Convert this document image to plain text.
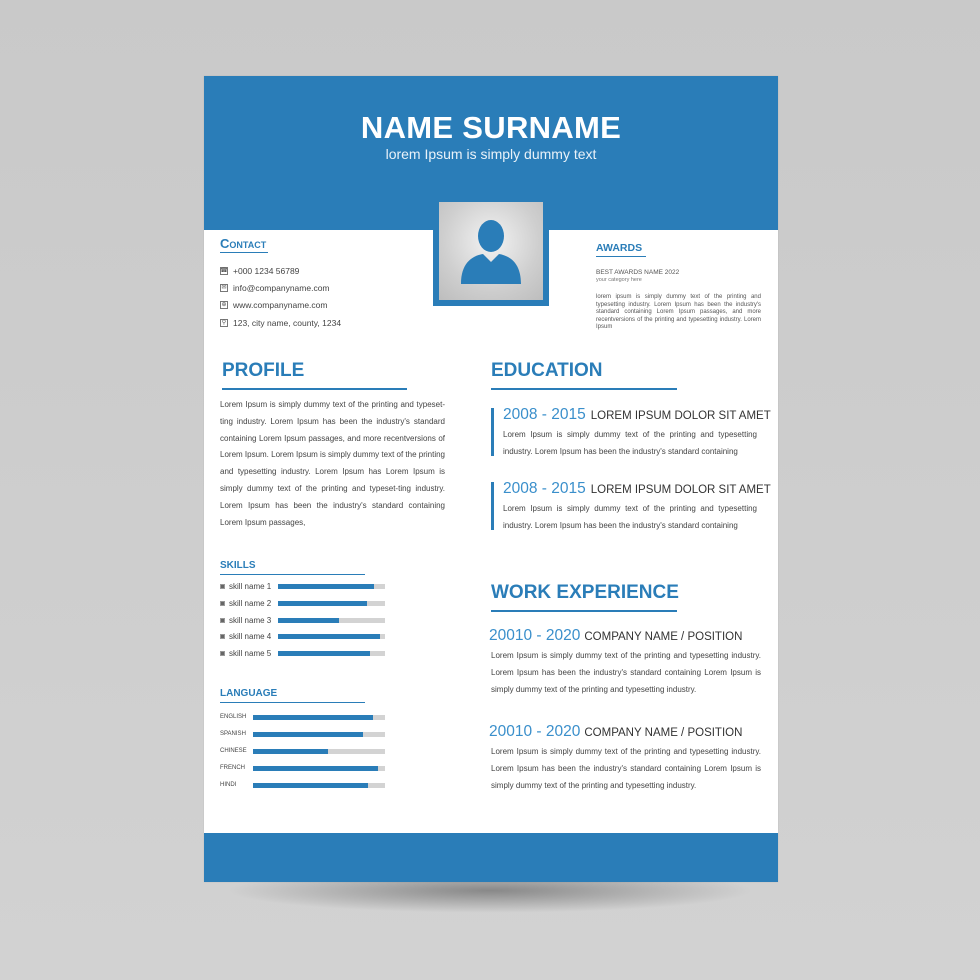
NAME SURNAME
lorem Ipsum is simply dummy text
Contact
☎ +000 1234 56789
✉ info@companyname.com
⊕ www.companyname.com
⚲ 123, city name, county, 1234
AWARDS
BEST AWARDS NAME 2022
your category here
lorem ipsum is simply dummy text of the printing and typesetting industry. Lorem Ipsum has been the industry's standard containing Lorem Ipsum passages, and more recentversions of the printing and typesetting industry. Lorem Ipsum
PROFILE
Lorem Ipsum is simply dummy text of the printing and typeset-ting industry. Lorem Ipsum has been the industry's standard containing Lorem Ipsum passages, and more recentversions of Lorem Ipsum. Lorem Ipsum is simply dummy text of the printing and typesetting industry. Lorem Ipsum has Lorem Ipsum is simply dummy text of the printing and typeset-ting industry. Lorem Ipsum has been the industry's standard containing Lorem Ipsum passages,
SKILLS
skill name 1
skill name 2
skill name 3
skill name 4
skill name 5
LANGUAGE
ENGLISH
SPANISH
CHINESE
FRENCH
HINDI
EDUCATION
2008 - 2015 LOREM IPSUM DOLOR SIT AMET
Lorem Ipsum is simply dummy text of the printing and typesetting industry. Lorem Ipsum has been the industry's standard containing
2008 - 2015 LOREM IPSUM DOLOR SIT AMET
Lorem Ipsum is simply dummy text of the printing and typesetting industry. Lorem Ipsum has been the industry's standard containing
WORK EXPERIENCE
20010 - 2020 COMPANY NAME / POSITION
Lorem Ipsum is simply dummy text of the printing and typesetting industry. Lorem Ipsum has been the industry's standard containing Lorem Ipsum is simply dummy text of the printing and typesetting industry.
20010 - 2020 COMPANY NAME / POSITION
Lorem Ipsum is simply dummy text of the printing and typesetting industry. Lorem Ipsum has been the industry's standard containing Lorem Ipsum is simply dummy text of the printing and typesetting industry.
